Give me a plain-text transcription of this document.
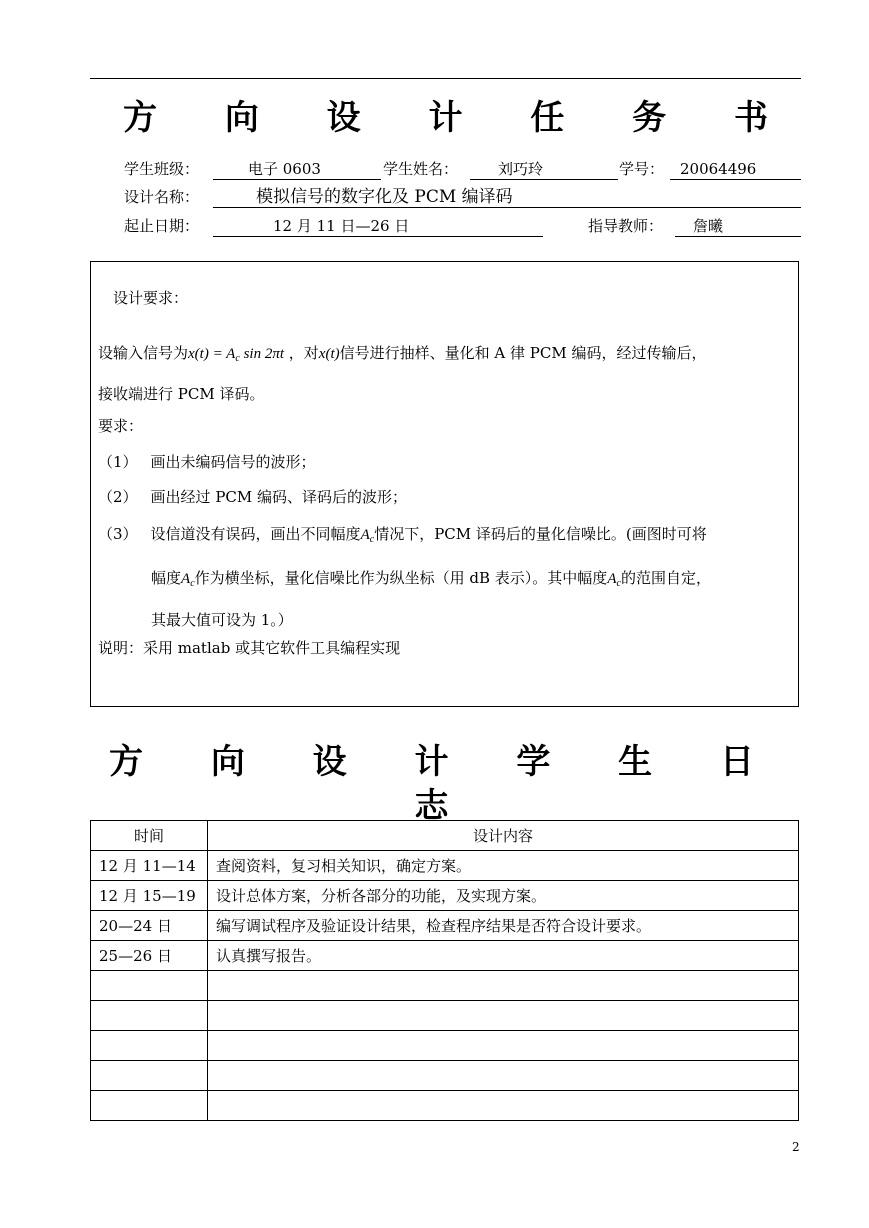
方 向 设 计 任 务 书
学生班级：	电子 0603	学生姓名：	刘巧玲	学号： 20064496
设计名称：	模拟信号的数字化及 PCM 编译码
起止日期：	12 月 11 日—26 日	指导教师： 詹曦
设计要求：
设输入信号为$x(t) = A_c$ sin 2πt ，对x(t)信号进行抽样、量化和 A 律 PCM 编码，经过传输后，
接收端进行 PCM 译码。
要求：
（1） 画出未编码信号的波形；
（2） 画出经过 PCM 编码、译码后的波形；
（3） 设信道没有误码，画出不同幅度$A_c$情况下，PCM 译码后的量化信噪比。(画图时可将
幅度$A_c$作为横坐标，量化信噪比作为纵坐标（用 dB 表示）。其中幅度$A_c$的范围自定，
其最大值可设为 1。）
说明：采用 matlab 或其它软件工具编程实现
方 向 设 计 学 生 日 志
时间	设计内容
12 月 11—14	查阅资料，复习相关知识，确定方案。
12 月 15—19	设计总体方案，分析各部分的功能，及实现方案。
20—24 日	编写调试程序及验证设计结果，检查程序结果是否符合设计要求。
25—26 日	认真撰写报告。

2
